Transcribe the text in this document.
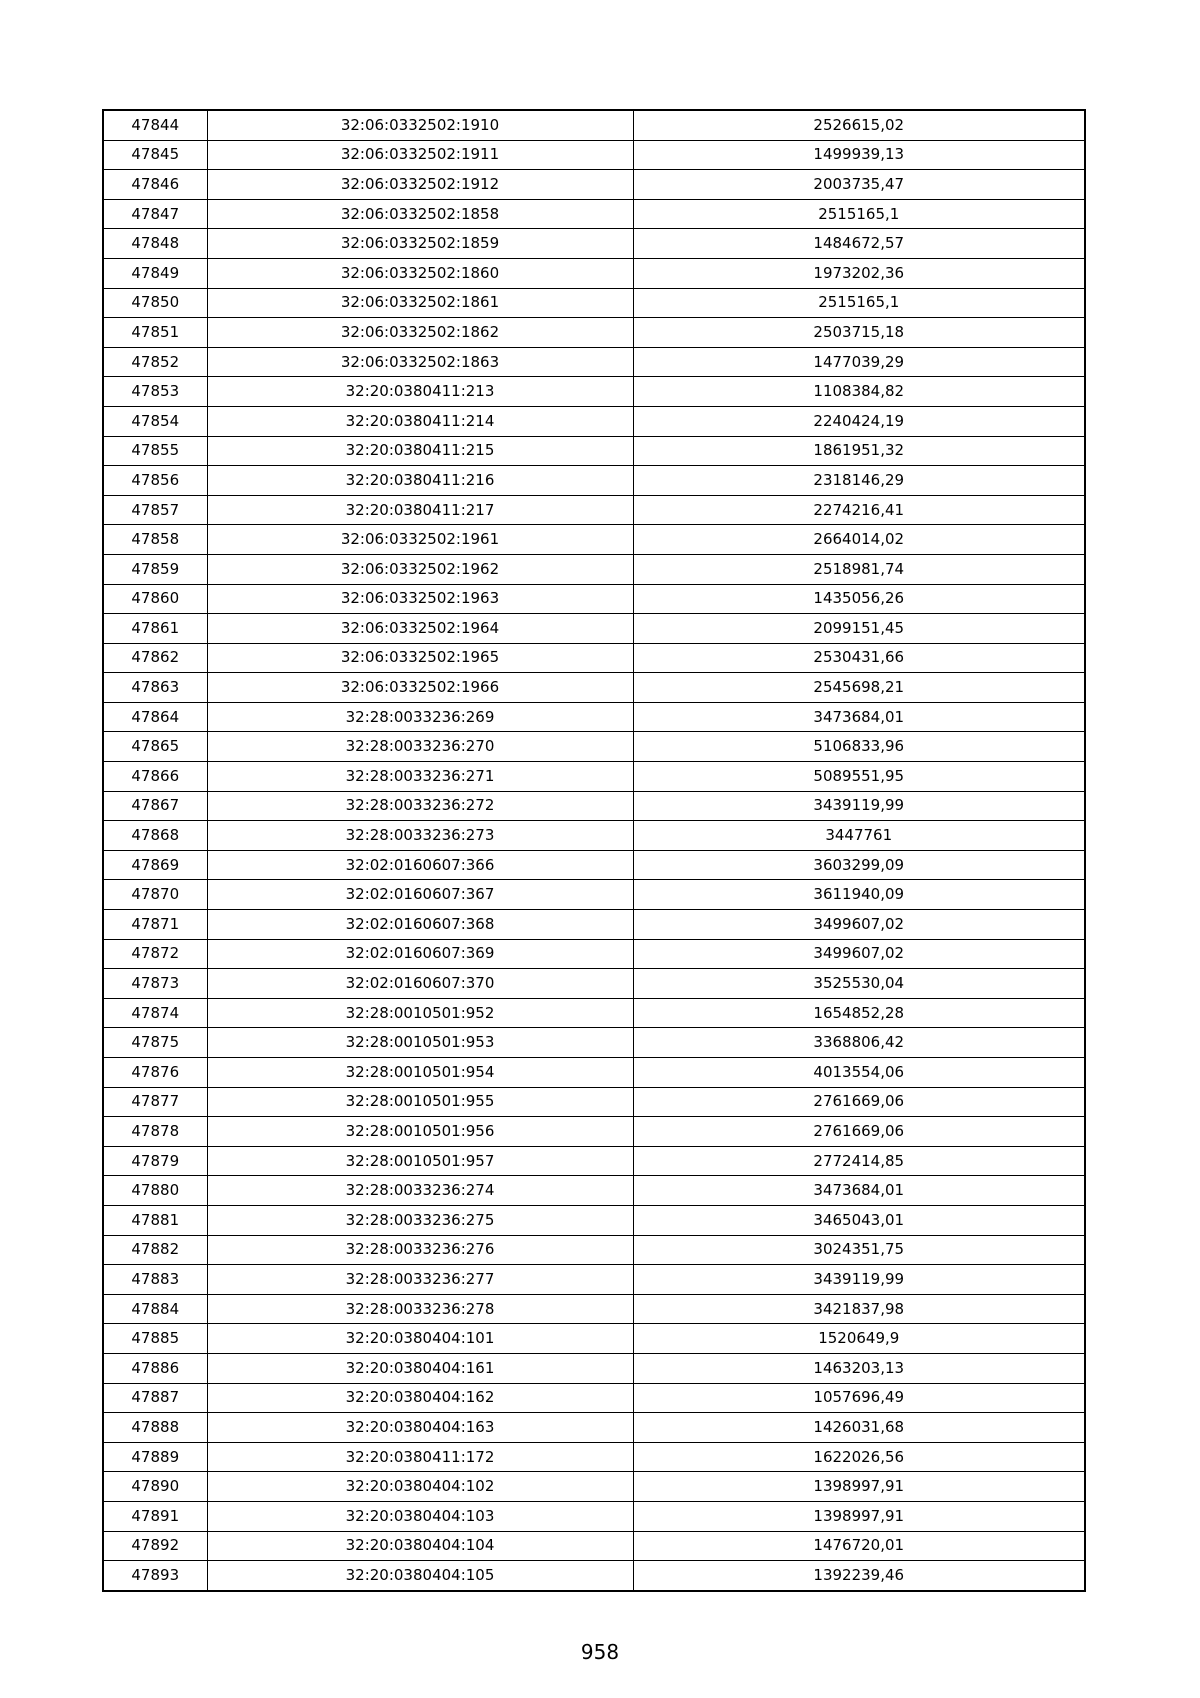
47844	32:06:0332502:1910	2526615,02
47845	32:06:0332502:1911	1499939,13
47846	32:06:0332502:1912	2003735,47
47847	32:06:0332502:1858	2515165,1
47848	32:06:0332502:1859	1484672,57
47849	32:06:0332502:1860	1973202,36
47850	32:06:0332502:1861	2515165,1
47851	32:06:0332502:1862	2503715,18
47852	32:06:0332502:1863	1477039,29
47853	32:20:0380411:213	1108384,82
47854	32:20:0380411:214	2240424,19
47855	32:20:0380411:215	1861951,32
47856	32:20:0380411:216	2318146,29
47857	32:20:0380411:217	2274216,41
47858	32:06:0332502:1961	2664014,02
47859	32:06:0332502:1962	2518981,74
47860	32:06:0332502:1963	1435056,26
47861	32:06:0332502:1964	2099151,45
47862	32:06:0332502:1965	2530431,66
47863	32:06:0332502:1966	2545698,21
47864	32:28:0033236:269	3473684,01
47865	32:28:0033236:270	5106833,96
47866	32:28:0033236:271	5089551,95
47867	32:28:0033236:272	3439119,99
47868	32:28:0033236:273	3447761
47869	32:02:0160607:366	3603299,09
47870	32:02:0160607:367	3611940,09
47871	32:02:0160607:368	3499607,02
47872	32:02:0160607:369	3499607,02
47873	32:02:0160607:370	3525530,04
47874	32:28:0010501:952	1654852,28
47875	32:28:0010501:953	3368806,42
47876	32:28:0010501:954	4013554,06
47877	32:28:0010501:955	2761669,06
47878	32:28:0010501:956	2761669,06
47879	32:28:0010501:957	2772414,85
47880	32:28:0033236:274	3473684,01
47881	32:28:0033236:275	3465043,01
47882	32:28:0033236:276	3024351,75
47883	32:28:0033236:277	3439119,99
47884	32:28:0033236:278	3421837,98
47885	32:20:0380404:101	1520649,9
47886	32:20:0380404:161	1463203,13
47887	32:20:0380404:162	1057696,49
47888	32:20:0380404:163	1426031,68
47889	32:20:0380411:172	1622026,56
47890	32:20:0380404:102	1398997,91
47891	32:20:0380404:103	1398997,91
47892	32:20:0380404:104	1476720,01
47893	32:20:0380404:105	1392239,46
958
